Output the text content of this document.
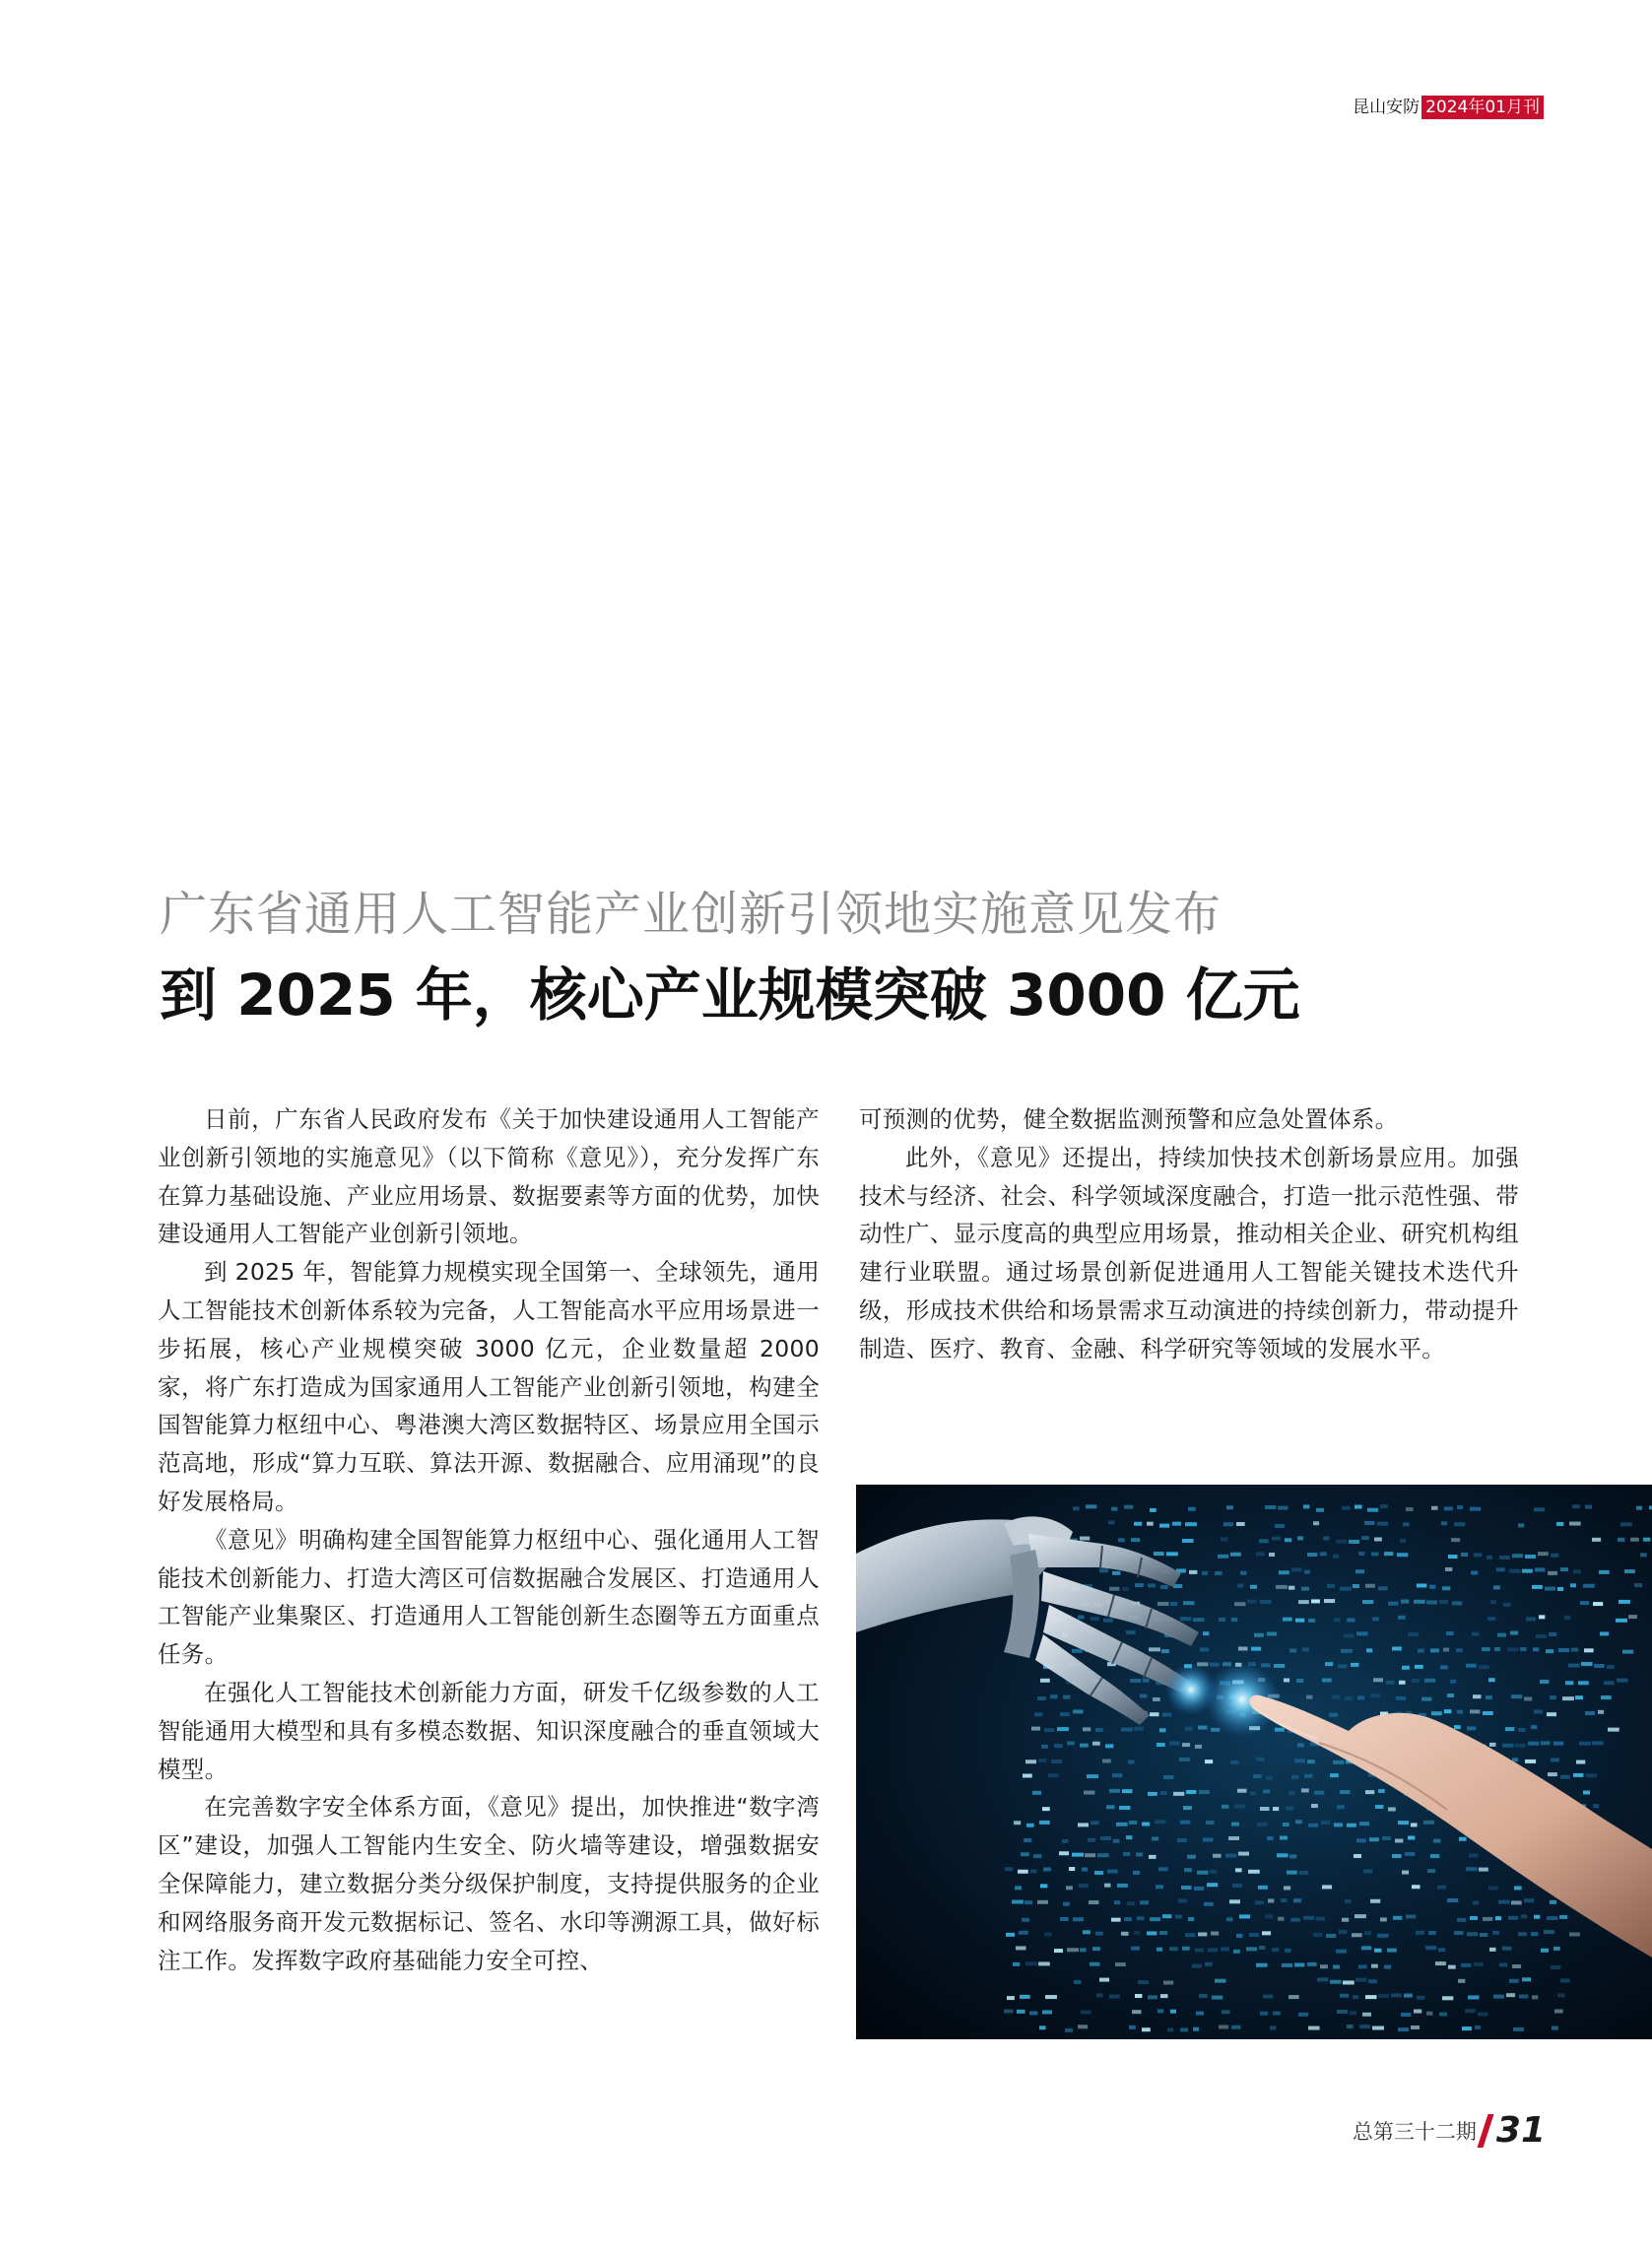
昆山安防 2024年01月刊
广东省通用人工智能产业创新引领地实施意见发布
到 2025 年，核心产业规模突破 3000 亿元

日前，广东省人民政府发布《关于加快建设通用人工智能产业创新引领地的实施意见》（以下简称《意见》），充分发挥广东在算力基础设施、产业应用场景、数据要素等方面的优势，加快建设通用人工智能产业创新引领地。

到 2025 年，智能算力规模实现全国第一、全球领先，通用人工智能技术创新体系较为完备，人工智能高水平应用场景进一步拓展，核心产业规模突破 3000 亿元，企业数量超 2000 家，将广东打造成为国家通用人工智能产业创新引领地，构建全国智能算力枢纽中心、粤港澳大湾区数据特区、场景应用全国示范高地，形成“算力互联、算法开源、数据融合、应用涌现”的良好发展格局。

《意见》明确构建全国智能算力枢纽中心、强化通用人工智能技术创新能力、打造大湾区可信数据融合发展区、打造通用人工智能产业集聚区、打造通用人工智能创新生态圈等五方面重点任务。

在强化人工智能技术创新能力方面，研发千亿级参数的人工智能通用大模型和具有多模态数据、知识深度融合的垂直领域大模型。

在完善数字安全体系方面，《意见》提出，加快推进“数字湾区”建设，加强人工智能内生安全、防火墙等建设，增强数据安全保障能力，建立数据分类分级保护制度，支持提供服务的企业和网络服务商开发元数据标记、签名、水印等溯源工具，做好标注工作。发挥数字政府基础能力安全可控、

可预测的优势，健全数据监测预警和应急处置体系。

此外，《意见》还提出，持续加快技术创新场景应用。加强技术与经济、社会、科学领域深度融合，打造一批示范性强、带动性广、显示度高的典型应用场景，推动相关企业、研究机构组建行业联盟。通过场景创新促进通用人工智能关键技术迭代升级，形成技术供给和场景需求互动演进的持续创新力，带动提升制造、医疗、教育、金融、科学研究等领域的发展水平。

总第三十二期 31
